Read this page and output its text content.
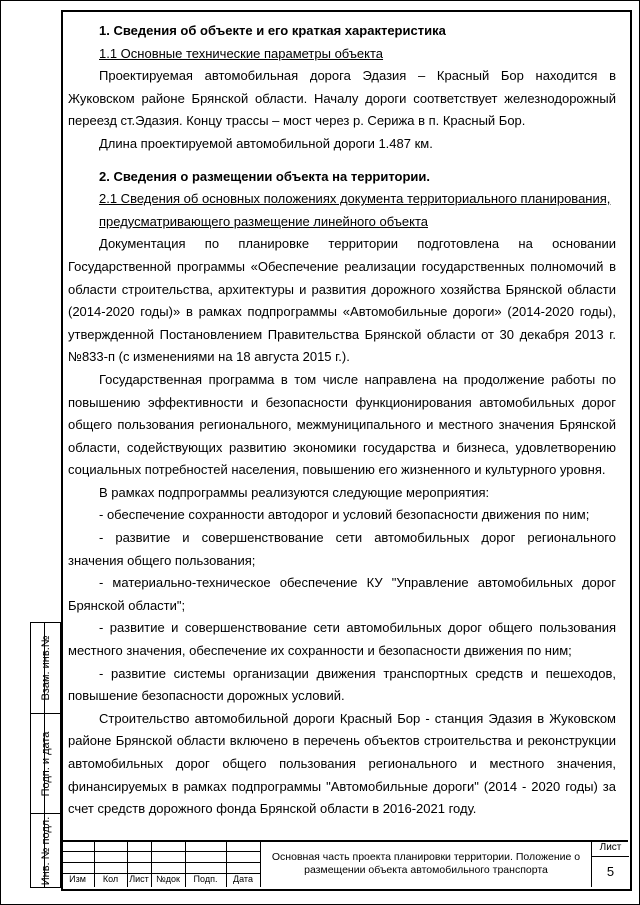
1. Сведения об объекте и его краткая характеристика

1.1 Основные технические параметры объекта

Проектируемая автомобильная дорога Эдазия – Красный Бор находится в Жуковском районе Брянской области. Началу дороги соответствует железнодорожный переезд ст.Эдазия. Концу трассы – мост через р. Серижа в п. Красный Бор.

Длина проектируемой автомобильной дороги 1.487 км.

2. Сведения о размещении объекта на территории.

2.1 Сведения об основных положениях документа территориального планирования, предусматривающего размещение линейного объекта

Документация по планировке территории подготовлена на основании Государственной программы «Обеспечение реализации государственных полномочий в области строительства, архитектуры и развития дорожного хозяйства Брянской области (2014-2020 годы)» в рамках подпрограммы «Автомобильные дороги» (2014-2020 годы), утвержденной Постановлением Правительства Брянской области от 30 декабря 2013 г. №833-п (с изменениями на 18 августа 2015 г.).

Государственная программа в том числе направлена на продолжение работы по повышению эффективности и безопасности функционирования автомобильных дорог общего пользования регионального, межмуниципального и местного значения Брянской области, содействующих развитию экономики государства и бизнеса, удовлетворению социальных потребностей населения, повышению его жизненного и культурного уровня.

В рамках подпрограммы реализуются следующие мероприятия:

- обеспечение сохранности автодорог и условий безопасности движения по ним;

- развитие и совершенствование сети автомобильных дорог регионального значения общего пользования;

- материально-техническое обеспечение КУ "Управление автомобильных дорог Брянской области";

- развитие и совершенствование сети автомобильных дорог общего пользования местного значения, обеспечение их сохранности и безопасности движения по ним;

- развитие системы организации движения транспортных средств и пешеходов, повышение безопасности дорожных условий.

Строительство автомобильной дороги Красный Бор - станция Эдазия в Жуковском районе Брянской области включено в перечень объектов строительства и реконструкции автомобильных дорог общего пользования регионального и местного значения, финансируемых в рамках подпрограммы "Автомобильные дороги" (2014 - 2020 годы) за счет средств дорожного фонда Брянской области в 2016-2021 году.

Взам. инв.№
Подп. и дата
Инв. № подл.	Изм	Кол	Лист №док	Подп.	Дата
Основная часть проекта планировки территории. Положение о размещении объекта автомобильного транспорта
Лист
5
